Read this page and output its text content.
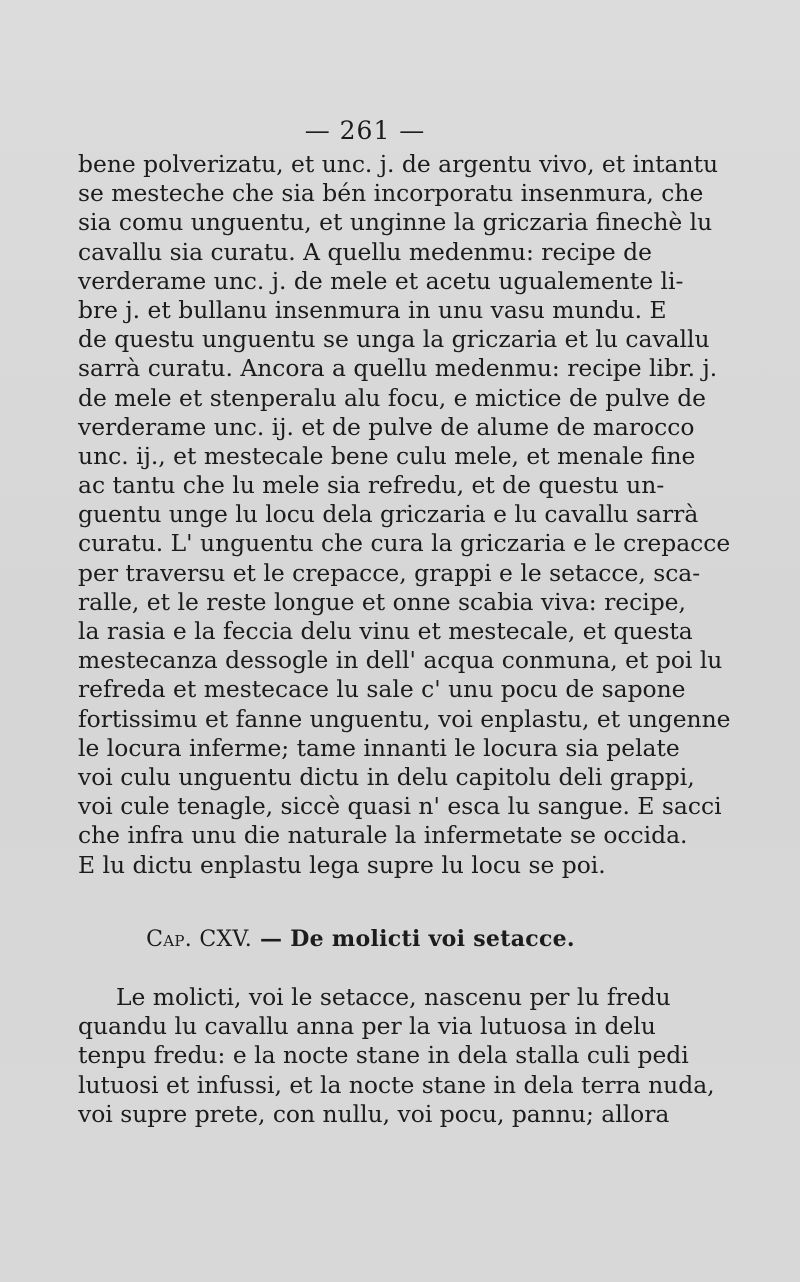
— 261 —
bene polverizatu, et unc. j. de argentu vivo, et intantu
se mesteche che sia bén incorporatu insenmura, che
sia comu unguentu, et unginne la griczaria finechè lu
cavallu sia curatu. A quellu medenmu: recipe de
verderame unc. j. de mele et acetu ugualemente li-
bre j. et bullanu insenmura in unu vasu mundu. E
de questu unguentu se unga la griczaria et lu cavallu
sarrà curatu. Ancora a quellu medenmu: recipe libr. j.
de mele et stenperalu alu focu, e mictice de pulve de
verderame unc. ij. et de pulve de alume de marocco
unc. ij., et mestecale bene culu mele, et menale fine
ac tantu che lu mele sia refredu, et de questu un-
guentu unge lu locu dela griczaria e lu cavallu sarrà
curatu. L' unguentu che cura la griczaria e le crepacce
per traversu et le crepacce, grappi e le setacce, sca-
ralle, et le reste longue et onne scabia viva: recipe,
la rasia e la feccia delu vinu et mestecale, et questa
mestecanza dessogle in dell' acqua conmuna, et poi lu
refreda et mestecace lu sale c' unu pocu de sapone
fortissimu et fanne unguentu, voi enplastu, et ungenne
le locura inferme; tame innanti le locura sia pelate
voi culu unguentu dictu in delu capitolu deli grappi,
voi cule tenagle, siccè quasi n' esca lu sangue. E sacci
che infra unu die naturale la infermetate se occida.
E lu dictu enplastu lega supre lu locu se poi.
Cap. CXV. — De molicti voi setacce.
Le molicti, voi le setacce, nascenu per lu fredu
quandu lu cavallu anna per la via lutuosa in delu
tenpu fredu: e la nocte stane in dela stalla culi pedi
lutuosi et infussi, et la nocte stane in dela terra nuda,
voi supre prete, con nullu, voi pocu, pannu; allora
